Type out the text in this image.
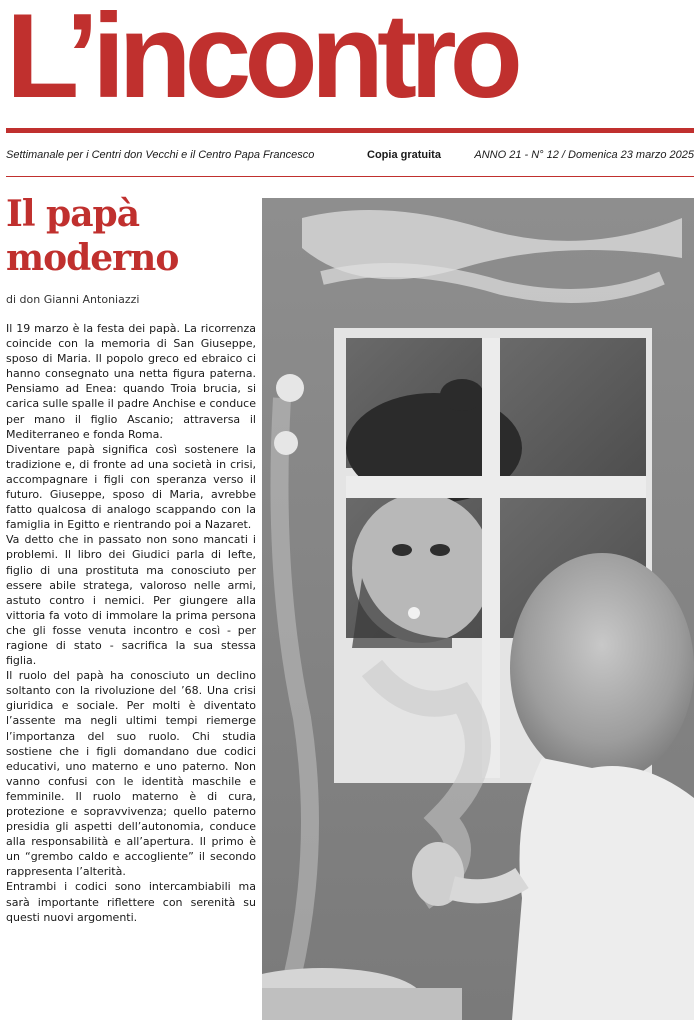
L’incontro
Settimanale per i Centri don Vecchi e il Centro Papa Francesco	Copia gratuita	ANNO 21 - N° 12 / Domenica 23 marzo 2025
Il papà
moderno
di don Gianni Antoniazzi

Il 19 marzo è la festa dei papà. La ricorrenza coincide con la memoria di San Giuseppe, sposo di Maria. Il popolo greco ed ebraico ci hanno consegnato una netta figura paterna. Pensiamo ad Enea: quando Troia brucia, si carica sulle spalle il padre Anchise e conduce per mano il figlio Ascanio; attraversa il Mediterraneo e fonda Roma.

Diventare papà significa così sostenere la tradizione e, di fronte ad una società in crisi, accompagnare i figli con speranza verso il futuro. Giuseppe, sposo di Maria, avrebbe fatto qualcosa di analogo scappando con la famiglia in Egitto e rientrando poi a Nazaret.

Va detto che in passato non sono mancati i problemi. Il libro dei Giudici parla di Iefte, figlio di una prostituta ma conosciuto per essere abile stratega, valoroso nelle armi, astuto contro i nemici. Per giungere alla vittoria fa voto di immolare la prima persona che gli fosse venuta incontro e così - per ragione di stato - sacrifica la sua stessa figlia.

Il ruolo del papà ha conosciuto un declino soltanto con la rivoluzione del ’68. Una crisi giuridica e sociale. Per molti è diventato l’assente ma negli ultimi tempi riemerge l’importanza del suo ruolo. Chi studia sostiene che i figli domandano due codici educativi, uno materno e uno paterno. Non vanno confusi con le identità maschile e femminile. Il ruolo materno è di cura, protezione e sopravvivenza; quello paterno presidia gli aspetti dell’autonomia, conduce alla responsabilità e all’apertura. Il primo è un “grembo caldo e accogliente” il secondo rappresenta l’alterità.

Entrambi i codici sono intercambiabili ma sarà importante riflettere con serenità su questi nuovi argomenti.
